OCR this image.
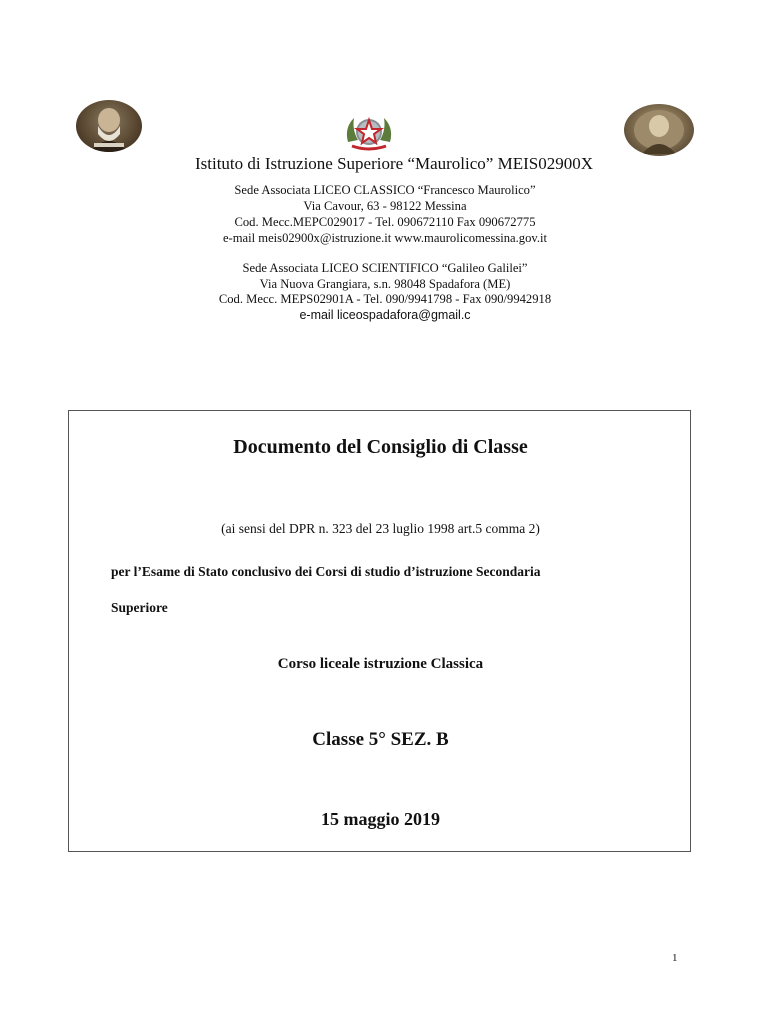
Istituto di Istruzione Superiore “Maurolico” MEIS02900X
Sede Associata LICEO CLASSICO “Francesco Maurolico”
Via Cavour, 63 - 98122 Messina
Cod. Mecc.MEPC029017 - Tel. 090672110 Fax 090672775
e-mail meis02900x@istruzione.it www.maurolicomessina.gov.it
Sede Associata LICEO SCIENTIFICO “Galileo Galilei”
Via Nuova Grangiara, s.n. 98048 Spadafora (ME)
Cod. Mecc. MEPS02901A - Tel. 090/9941798 - Fax 090/9942918
e-mail liceospadafora@gmail.c
Documento del Consiglio di Classe
(ai sensi del DPR n. 323 del 23 luglio 1998 art.5 comma 2)
per l’Esame di Stato conclusivo dei Corsi di studio d’istruzione Secondaria
Superiore
Corso liceale istruzione Classica
Classe 5° SEZ. B
15 maggio 2019
1
